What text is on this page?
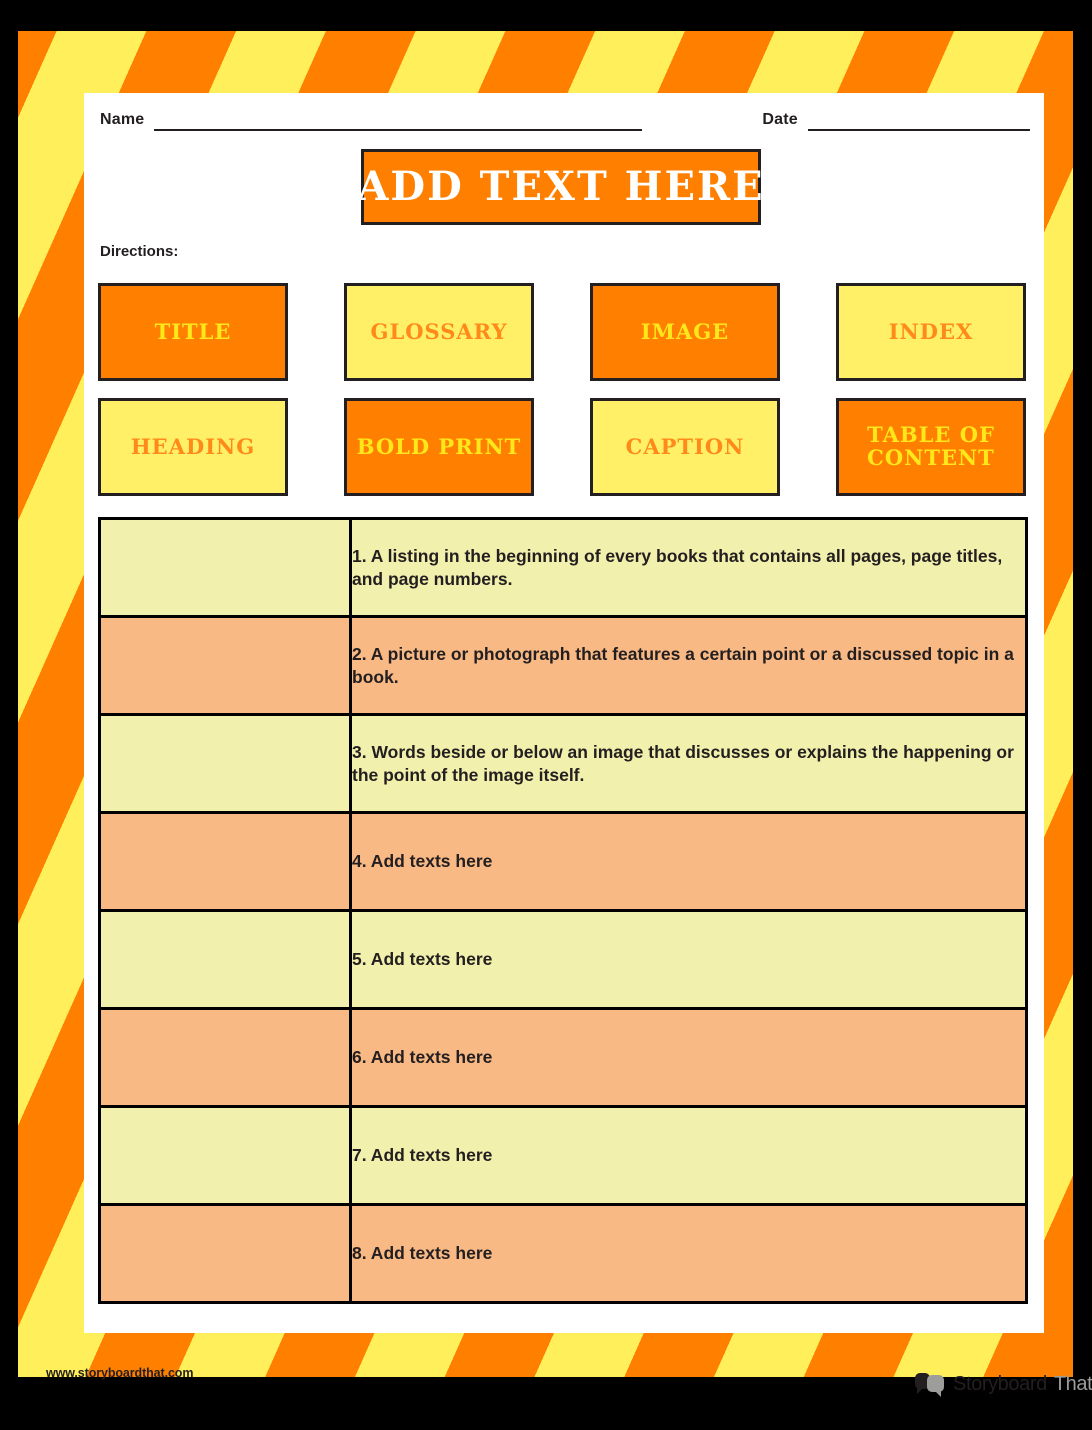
Name	Date
ADD TEXT HERE
Directions:
TITLE	GLOSSARY	IMAGE	INDEX
HEADING	BOLD PRINT	CAPTION	TABLE OF CONTENT
	1. A listing in the beginning of every books that contains all pages, page titles, and page numbers.
	2. A picture or photograph that features a certain point or a discussed topic in a book.
	3. Words beside or below an image that discusses or explains the happening or the point of the image itself.
	4. Add texts here
	5. Add texts here
	6. Add texts here
	7. Add texts here
	8. Add texts here
www.storyboardthat.com	Storyboard That
